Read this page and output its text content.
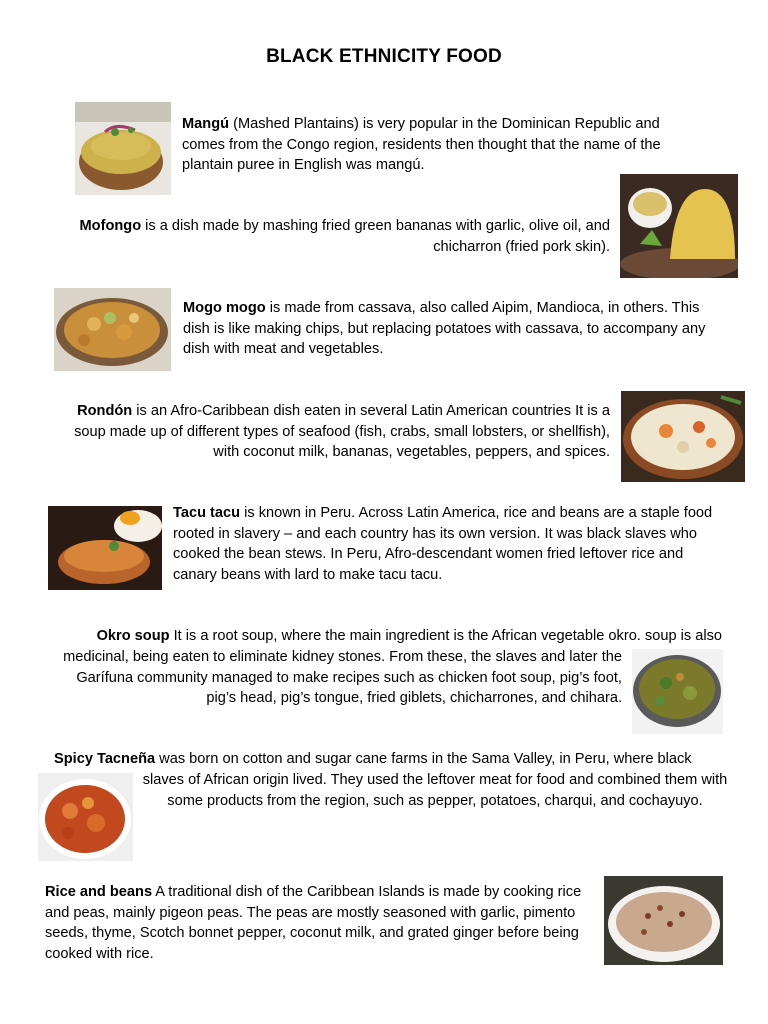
BLACK ETHNICITY FOOD
Mangú (Mashed Plantains) is very popular in the Dominican Republic and comes from the Congo region, residents then thought that the name of the plantain puree in English was mangú.
Mofongo is a dish made by mashing fried green bananas with garlic, olive oil, and chicharron (fried pork skin).
Mogo mogo is made from cassava, also called Aipim, Mandioca, in others. This dish is like making chips, but replacing potatoes with cassava, to accompany any dish with meat and vegetables.
Rondón is an Afro-Caribbean dish eaten in several Latin American countries It is a soup made up of different types of seafood (fish, crabs, small lobsters, or shellfish), with coconut milk, bananas, vegetables, peppers, and spices.
Tacu tacu is known in Peru. Across Latin America, rice and beans are a staple food rooted in slavery – and each country has its own version. It was black slaves who cooked the bean stews. In Peru, Afro-descendant women fried leftover rice and canary beans with lard to make tacu tacu.
Okro soup It is a root soup, where the main ingredient is the African vegetable okro. soup is also
medicinal, being eaten to eliminate kidney stones. From these, the slaves and later the Garífuna community managed to make recipes such as chicken foot soup, pig’s foot, pig’s head, pig’s tongue, fried giblets, chicharrones, and chihara.
Spicy Tacneña was born on cotton and sugar cane farms in the Sama Valley, in Peru, where black
slaves of African origin lived. They used the leftover meat for food and combined them with some products from the region, such as pepper, potatoes, charqui, and cochayuyo.
Rice and beans A traditional dish of the Caribbean Islands is made by cooking rice and peas, mainly pigeon peas. The peas are mostly seasoned with garlic, pimento seeds, thyme, Scotch bonnet pepper, coconut milk, and grated ginger before being cooked with rice.
